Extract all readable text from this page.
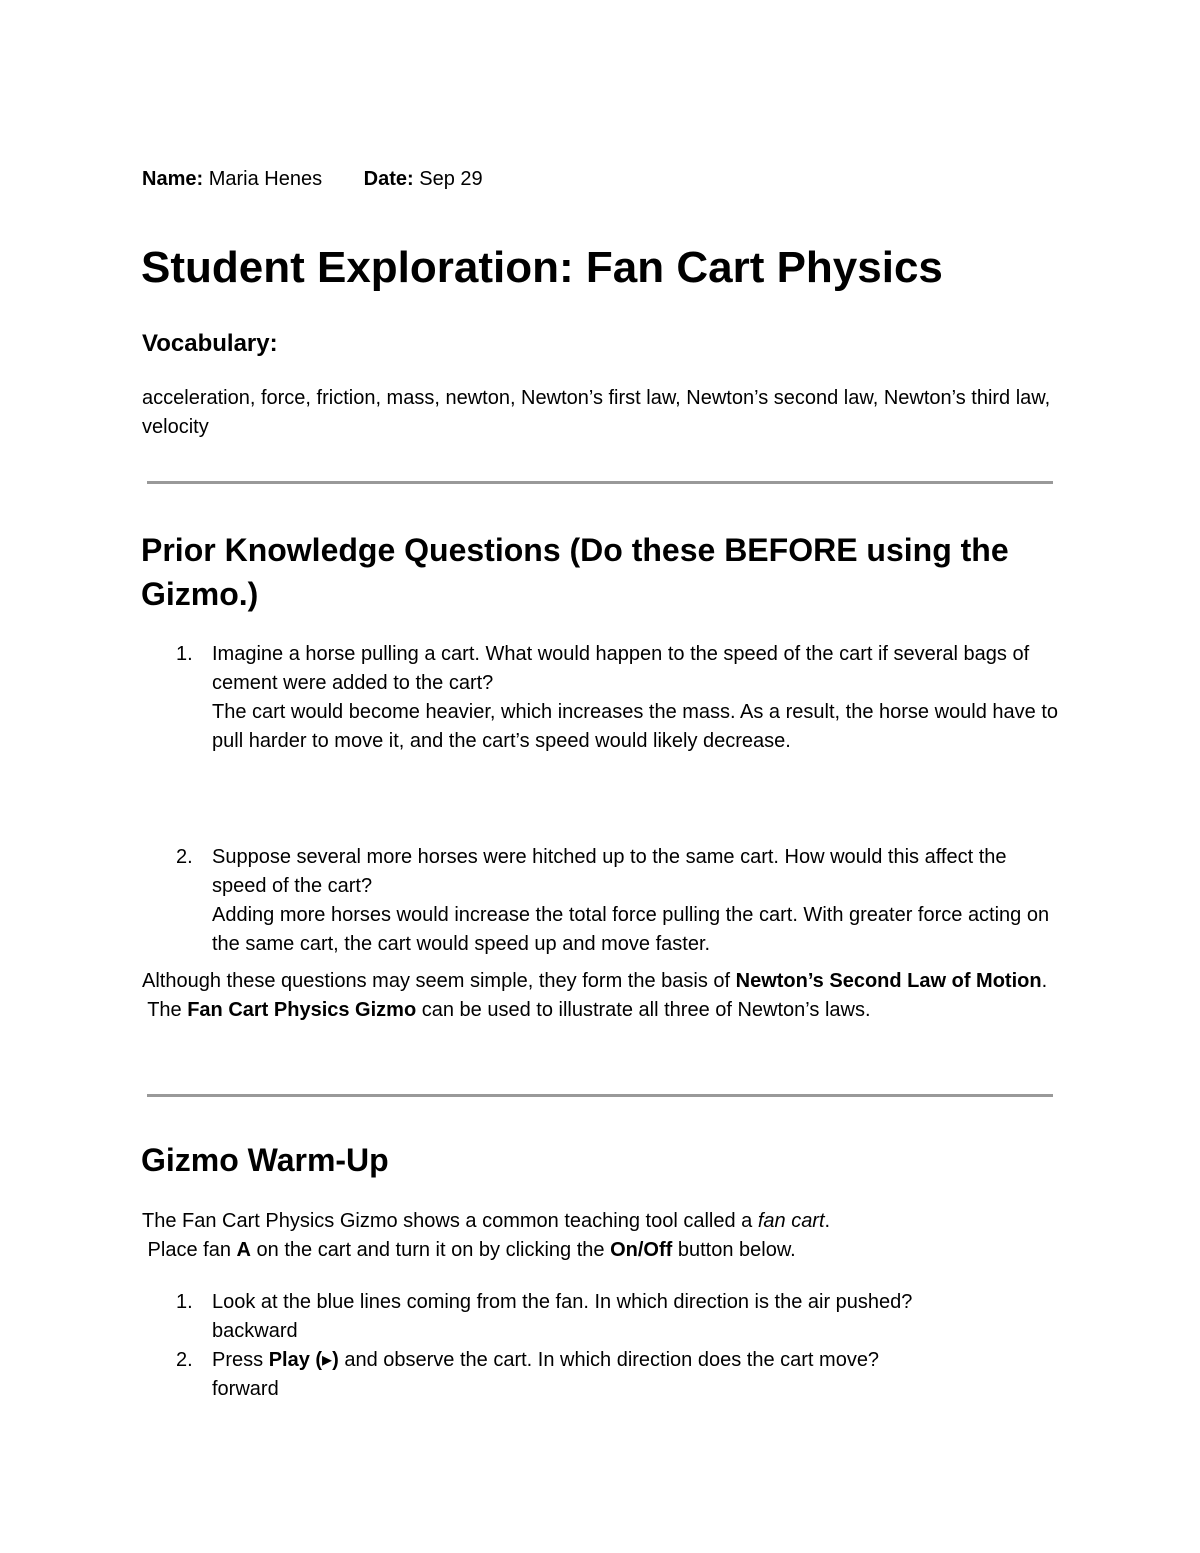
Name: Maria Henes Date: Sep 29
Student Exploration: Fan Cart Physics
Vocabulary:

acceleration, force, friction, mass, newton, Newton’s first law, Newton’s second law, Newton’s third law, velocity

Prior Knowledge Questions (Do these BEFORE using the Gizmo.)
1. Imagine a horse pulling a cart. What would happen to the speed of the cart if several bags of cement were added to the cart?
The cart would become heavier, which increases the mass. As a result, the horse would have to pull harder to move it, and the cart’s speed would likely decrease.
2. Suppose several more horses were hitched up to the same cart. How would this affect the speed of the cart?
Adding more horses would increase the total force pulling the cart. With greater force acting on the same cart, the cart would speed up and move faster.
Although these questions may seem simple, they form the basis of Newton’s Second Law of Motion.
The Fan Cart Physics Gizmo can be used to illustrate all three of Newton’s laws.
Gizmo Warm-Up
The Fan Cart Physics Gizmo shows a common teaching tool called a fan cart.
Place fan A on the cart and turn it on by clicking the On/Off button below.
1. Look at the blue lines coming from the fan. In which direction is the air pushed?
backward
2. Press Play (▸) and observe the cart. In which direction does the cart move?
forward
